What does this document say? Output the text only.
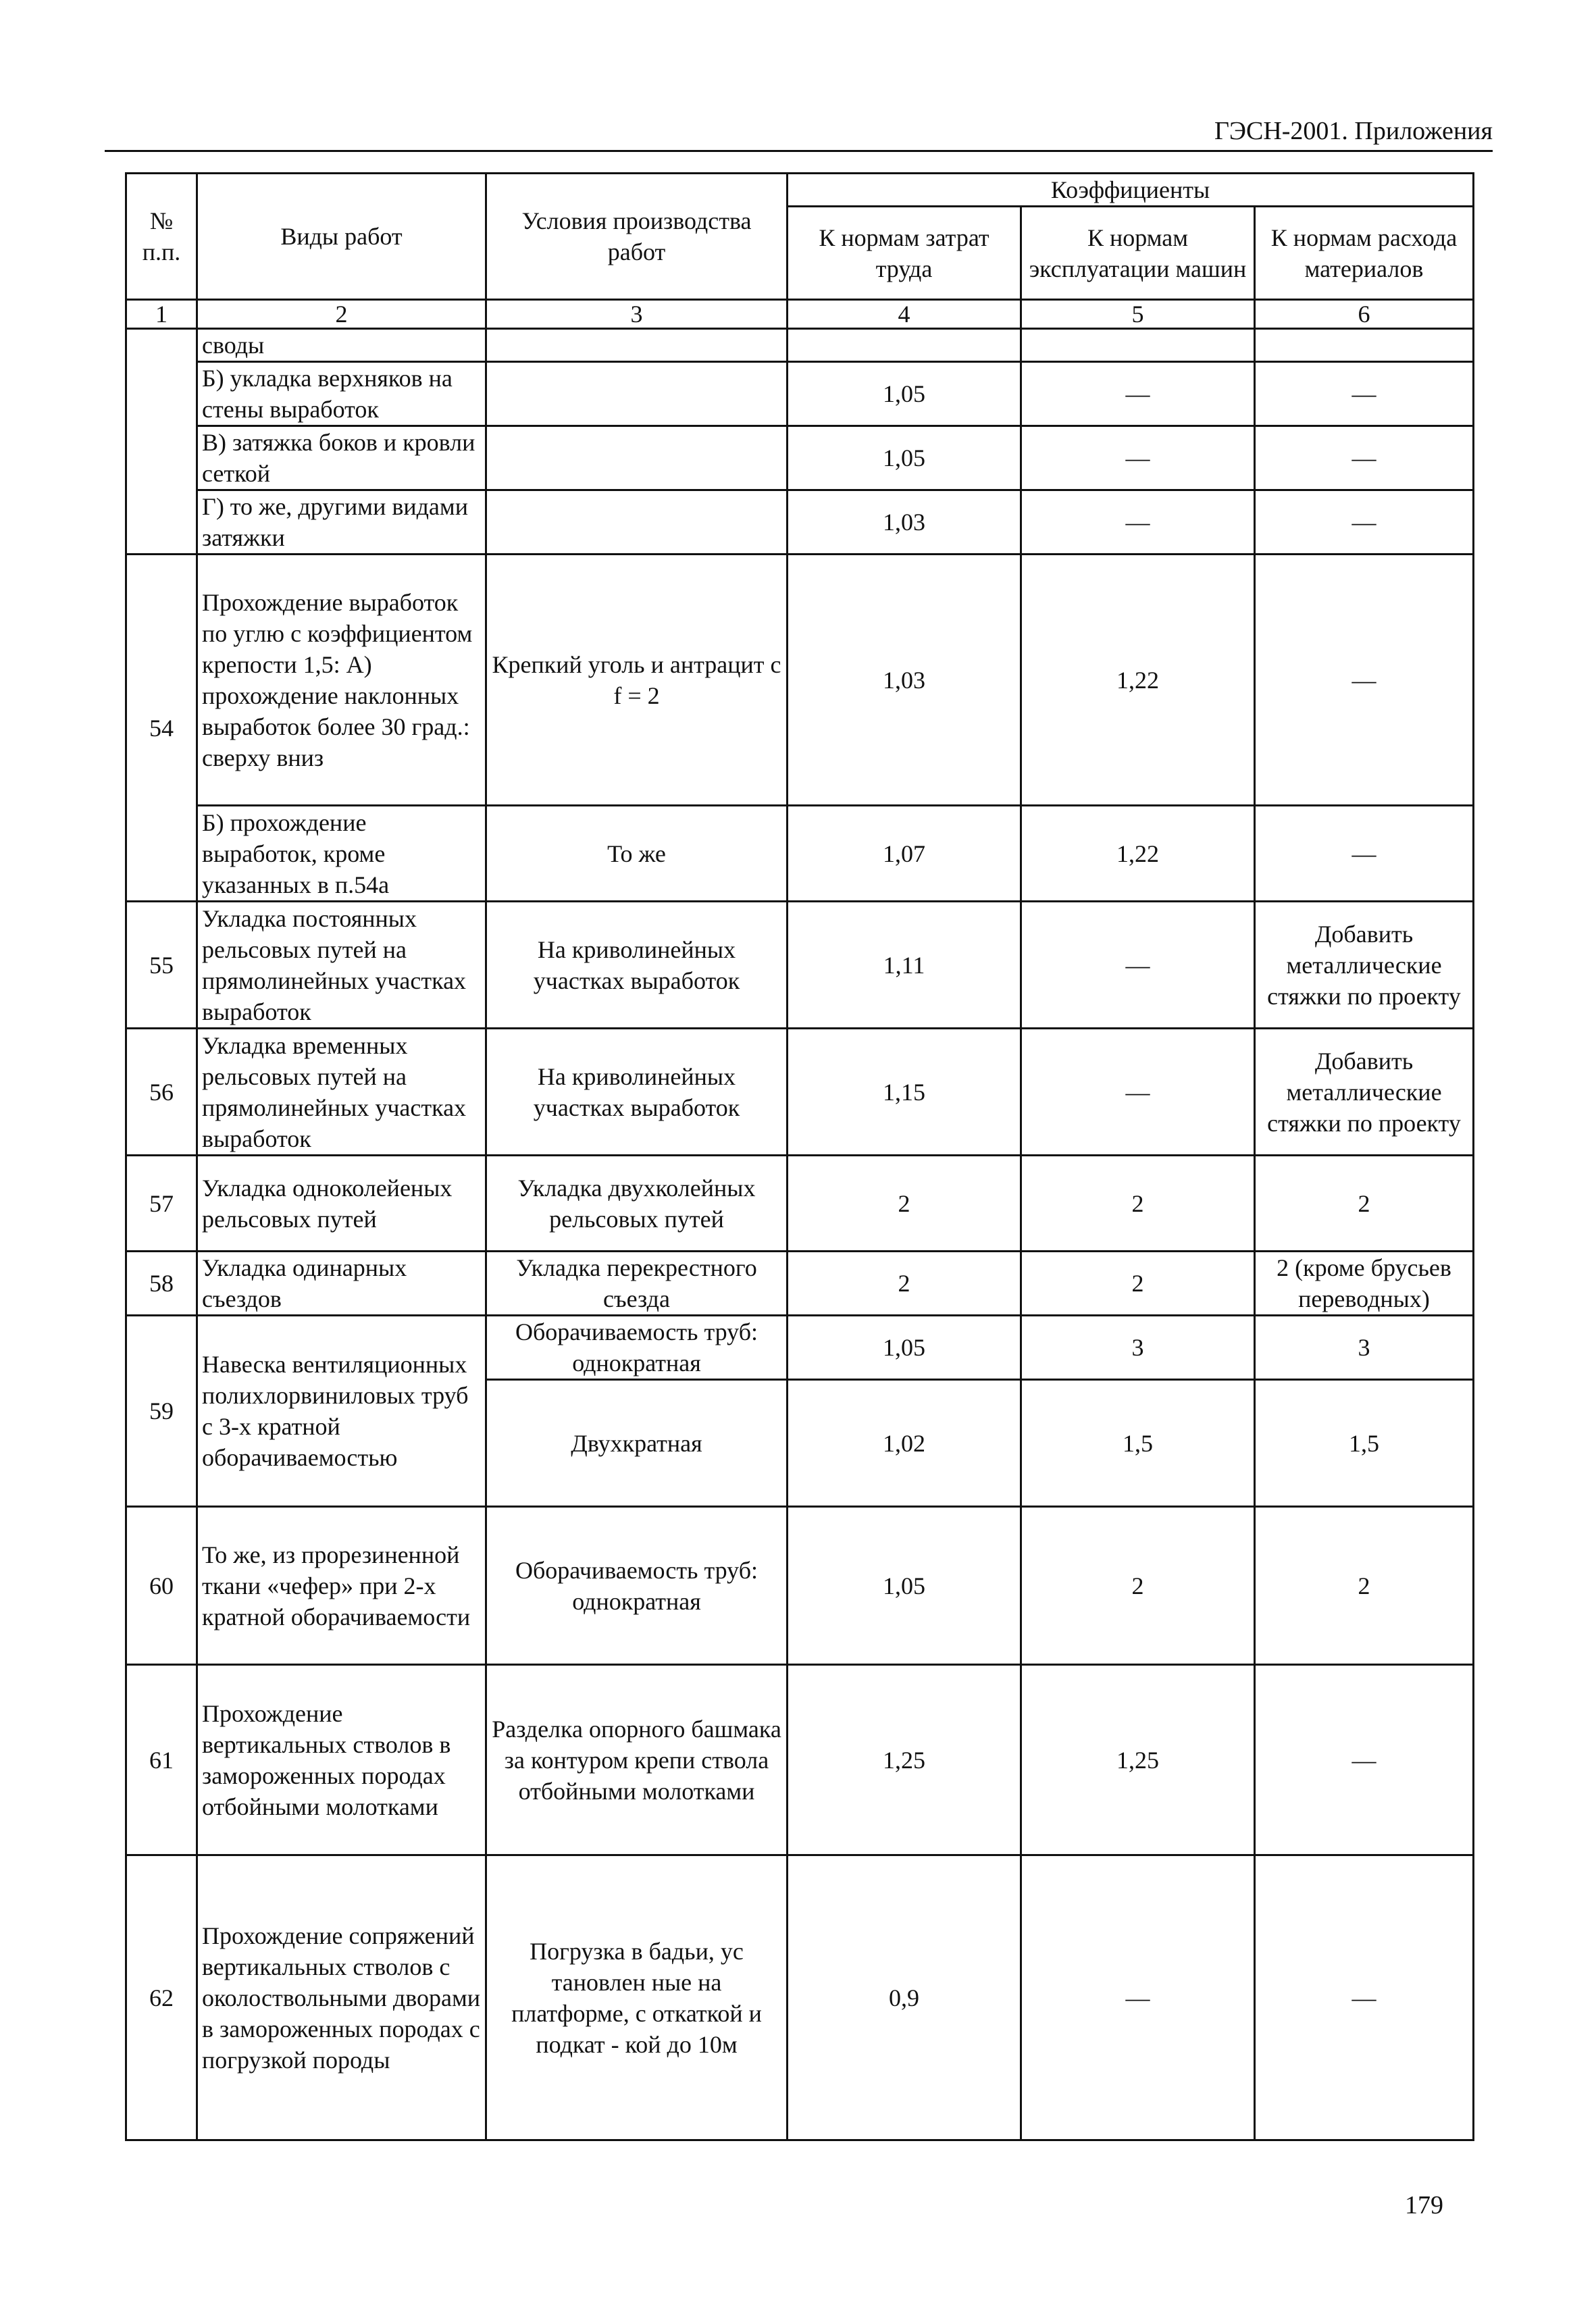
ГЭСН-2001. Приложения
№ п.п.	Виды работ	Условия производства работ	Коэффициенты		
			К нормам затрат труда	К нормам эксплуатации машин	К нормам расхода материалов
1	2	3	4	5	6
	своды				
	Б) укладка верхняков на стены выработок		1,05	—	—
	В) затяжка боков и кровли сеткой		1,05	—	—
	Г) то же, другими видами затяжки		1,03	—	—
54	Прохождение выработок по углю с коэффициентом крепости 1,5: А) прохождение наклонных выработок более 30 град.: сверху вниз	Крепкий уголь и антрацит с f = 2	1,03	1,22	—
	Б) прохождение выработок, кроме указанных в п.54а	То же	1,07	1,22	—
55	Укладка постоянных рельсовых путей на прямолинейных участках выработок	На криволинейных участках выработок	1,11	—	Добавить металлические стяжки по проекту
56	Укладка временных рельсовых путей на прямолинейных участках выработок	На криволинейных участках выработок	1,15	—	Добавить металлические стяжки по проекту
57	Укладка одноколейеных рельсовых путей	Укладка двухколейных рельсовых путей	2	2	2
58	Укладка одинарных съездов	Укладка перекрестного съезда	2	2	2 (кроме брусьев переводных)
59	Навеска вентиляционных полихлорвиниловых труб с 3-х кратной оборачиваемостью	Оборачиваемость труб: однократная	1,05	3	3
		Двухкратная	1,02	1,5	1,5
60	То же, из прорезиненной ткани «чефер» при 2-х кратной оборачиваемости	Оборачиваемость труб: однократная	1,05	2	2
61	Прохождение вертикальных стволов в замороженных породах отбойными молотками	Разделка опорного башмака за контуром крепи ствола отбойными молотками	1,25	1,25	—
62	Прохождение сопряжений вертикальных стволов с околоствольными дворами в замороженных породах с погрузкой породы	Погрузка в бадьи, ус тановлен ные на платформе, с откаткой и подкат - кой до 10м	0,9	—	—
179
